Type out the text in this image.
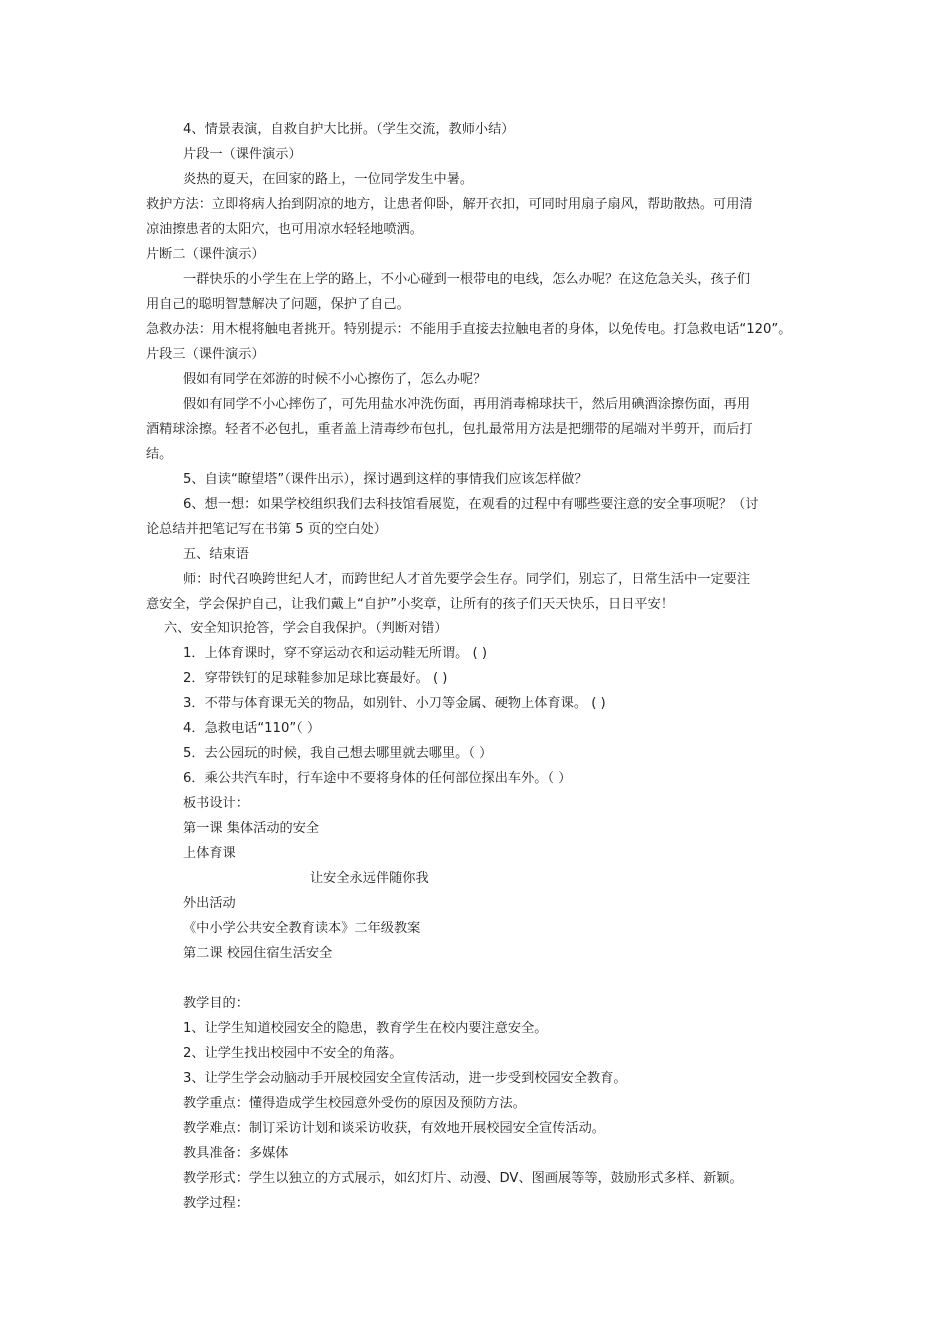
4、情景表演，自救自护大比拼。（学生交流，教师小结）
片段一（课件演示）
炎热的夏天，在回家的路上，一位同学发生中暑。
救护方法：立即将病人抬到阴凉的地方，让患者仰卧，解开衣扣，可同时用扇子扇风，帮助散热。可用清
凉油擦患者的太阳穴，也可用凉水轻轻地喷洒。
片断二（课件演示）
一群快乐的小学生在上学的路上，不小心碰到一根带电的电线，怎么办呢？在这危急关头，孩子们
用自己的聪明智慧解决了问题，保护了自己。
急救办法：用木棍将触电者挑开。特别提示：不能用手直接去拉触电者的身体，以免传电。打急救电话“120”。
片段三（课件演示）
假如有同学在郊游的时候不小心擦伤了，怎么办呢？
假如有同学不小心摔伤了，可先用盐水冲洗伤面，再用消毒棉球扶干，然后用碘酒涂擦伤面，再用
酒精球涂擦。轻者不必包扎，重者盖上清毒纱布包扎，包扎最常用方法是把绷带的尾端对半剪开，而后打
结。
5、自读“瞭望塔”（课件出示），探讨遇到这样的事情我们应该怎样做？
6、想一想：如果学校组织我们去科技馆看展览，在观看的过程中有哪些要注意的安全事项呢？（讨
论总结并把笔记写在书第 5 页的空白处）
五、结束语
师：时代召唤跨世纪人才，而跨世纪人才首先要学会生存。同学们，别忘了，日常生活中一定要注
意安全，学会保护自己，让我们戴上“自护”小奖章，让所有的孩子们天天快乐，日日平安！
六、安全知识抢答，学会自我保护。（判断对错）
1．上体育课时，穿不穿运动衣和运动鞋无所谓。 ( )
2．穿带铁钉的足球鞋参加足球比赛最好。 ( )
3．不带与体育课无关的物品，如别针、小刀等金属、硬物上体育课。 ( )
4．急救电话“110”（ ）
5．去公园玩的时候，我自己想去哪里就去哪里。（ ）
6．乘公共汽车时，行车途中不要将身体的任何部位探出车外。（ ）
板书设计：
第一课 集体活动的安全
上体育课
让安全永远伴随你我
外出活动
《中小学公共安全教育读本》二年级教案
第二课 校园住宿生活安全
教学目的：
1、让学生知道校园安全的隐患，教育学生在校内要注意安全。
2、让学生找出校园中不安全的角落。
3、让学生学会动脑动手开展校园安全宣传活动，进一步受到校园安全教育。
教学重点：懂得造成学生校园意外受伤的原因及预防方法。
教学难点：制订采访计划和谈采访收获，有效地开展校园安全宣传活动。
教具准备：多媒体
教学形式：学生以独立的方式展示，如幻灯片、动漫、DV、图画展等等，鼓励形式多样、新颖。
教学过程：
